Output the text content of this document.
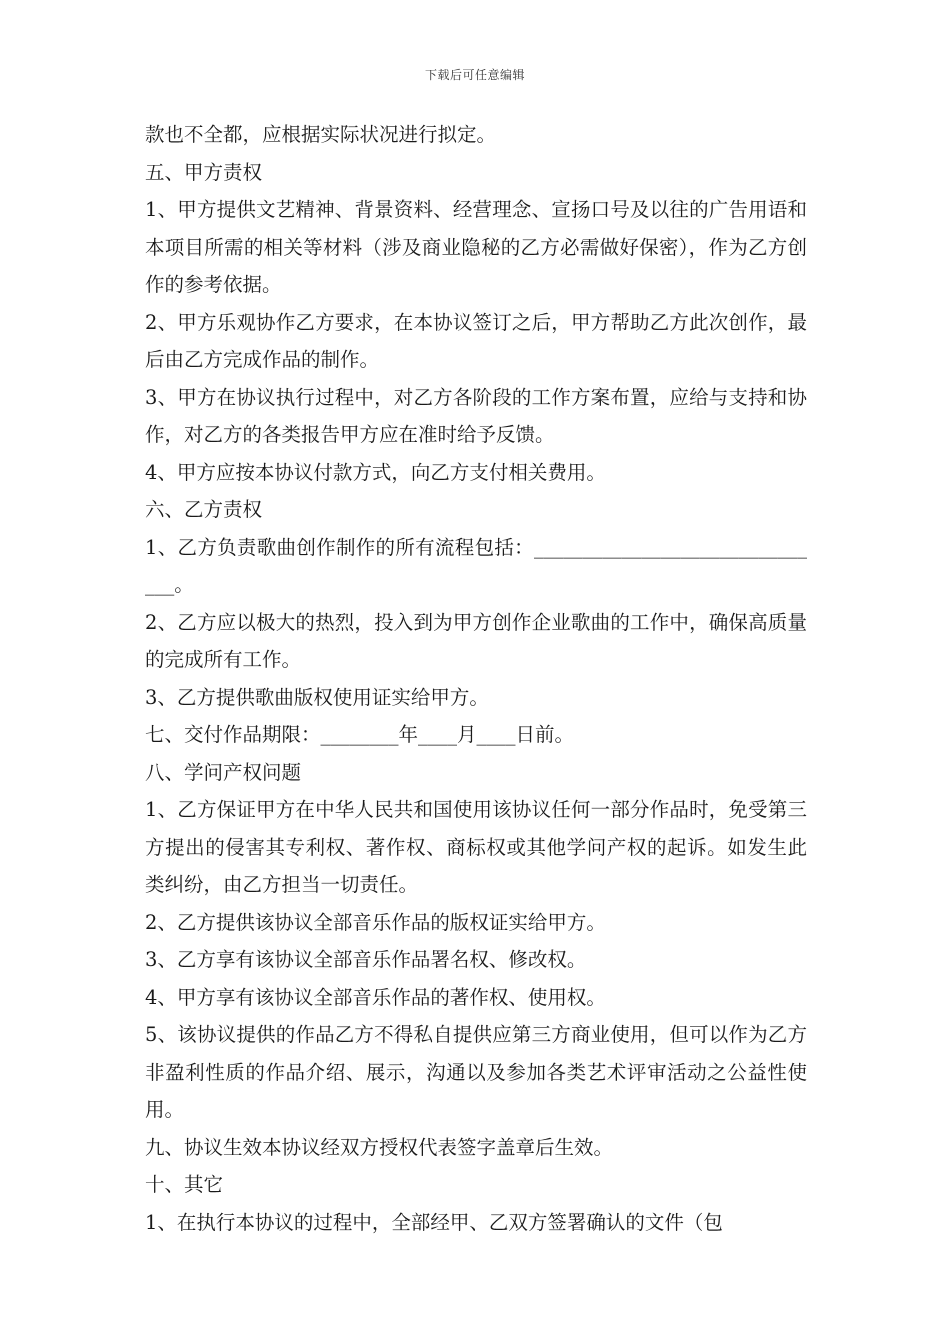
下载后可任意编辑

款也不全都，应根据实际状况进行拟定。

五、甲方责权

1、甲方提供文艺精神、背景资料、经营理念、宣扬口号及以往的广告用语和本项目所需的相关等材料（涉及商业隐秘的乙方必需做好保密），作为乙方创作的参考依据。

2、甲方乐观协作乙方要求，在本协议签订之后，甲方帮助乙方此次创作，最后由乙方完成作品的制作。

3、甲方在协议执行过程中，对乙方各阶段的工作方案布置，应给与支持和协作，对乙方的各类报告甲方应在准时给予反馈。

4、甲方应按本协议付款方式，向乙方支付相关费用。

六、乙方责权

1、乙方负责歌曲创作制作的所有流程包括：_______________________________。

2、乙方应以极大的热烈，投入到为甲方创作企业歌曲的工作中，确保高质量的完成所有工作。

3、乙方提供歌曲版权使用证实给甲方。

七、交付作品期限：________年____月____日前。

八、学问产权问题

1、乙方保证甲方在中华人民共和国使用该协议任何一部分作品时，免受第三方提出的侵害其专利权、著作权、商标权或其他学问产权的起诉。如发生此类纠纷，由乙方担当一切责任。

2、乙方提供该协议全部音乐作品的版权证实给甲方。

3、乙方享有该协议全部音乐作品署名权、修改权。

4、甲方享有该协议全部音乐作品的著作权、使用权。

5、该协议提供的作品乙方不得私自提供应第三方商业使用，但可以作为乙方非盈利性质的作品介绍、展示，沟通以及参加各类艺术评审活动之公益性使用。

九、协议生效本协议经双方授权代表签字盖章后生效。

十、其它

1、在执行本协议的过程中，全部经甲、乙双方签署确认的文件（包
